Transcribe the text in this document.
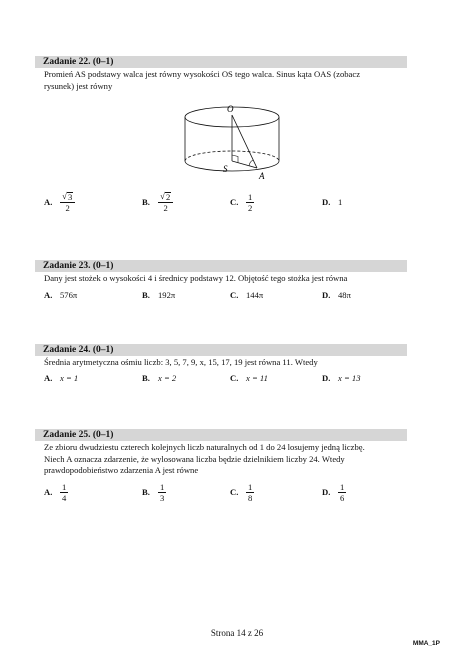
Zadanie 22. (0–1)
Promień AS podstawy walca jest równy wysokości OS tego walca. Sinus kąta OAS (zobacz
rysunek) jest równy
O
S
A
A. $\frac{√ 3}{2}$	B. $\frac{√ 2}{2}$	C. $\frac{1}{2}$	D. 1
Zadanie 23. (0–1)
Dany jest stożek o wysokości 4 i średnicy podstawy 12. Objętość tego stożka jest równa
A. 576π	B. 192π	C. 144π	D. 48π
Zadanie 24. (0–1)
Średnia arytmetyczna ośmiu liczb: 3, 5, 7, 9, x, 15, 17, 19 jest równa 11. Wtedy
A. x = 1	B. x = 2	C. x = 11	D. x = 13
Zadanie 25. (0–1)
Ze zbioru dwudziestu czterech kolejnych liczb naturalnych od 1 do 24 losujemy jedną liczbę.
Niech A oznacza zdarzenie, że wylosowana liczba będzie dzielnikiem liczby 24. Wtedy
prawdopodobieństwo zdarzenia A jest równe
A. $\frac{1}{4}$	B. $\frac{1}{3}$	C. $\frac{1}{8}$	D. $\frac{1}{6}$
Strona 14 z 26
MMA_1P
